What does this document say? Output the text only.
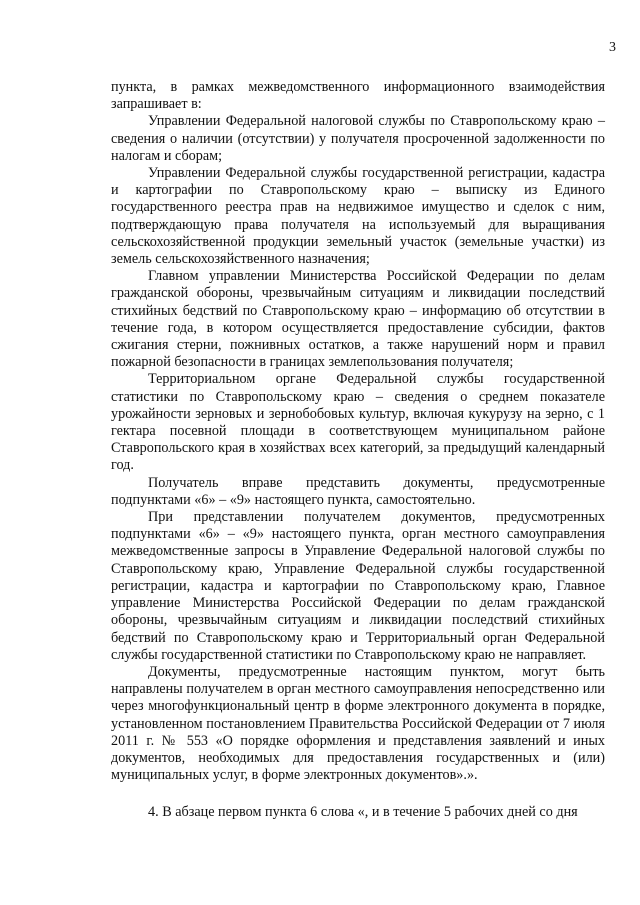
3

пункта, в рамках межведомственного информационного взаимодействия запрашивает в:

Управлении Федеральной налоговой службы по Ставропольскому краю – сведения о наличии (отсутствии) у получателя просроченной задолженности по налогам и сборам;

Управлении Федеральной службы государственной регистрации, кадастра и картографии по Ставропольскому краю – выписку из Единого государственного реестра прав на недвижимое имущество и сделок с ним, подтверждающую права получателя на используемый для выращивания сельскохозяйственной продукции земельный участок (земельные участки) из земель сельскохозяйственного назначения;

Главном управлении Министерства Российской Федерации по делам гражданской обороны, чрезвычайным ситуациям и ликвидации последствий стихийных бедствий по Ставропольскому краю – информацию об отсутствии в течение года, в котором осуществляется предоставление субсидии, фактов сжигания стерни, пожнивных остатков, а также нарушений норм и правил пожарной безопасности в границах землепользования получателя;

Территориальном органе Федеральной службы государственной статистики по Ставропольскому краю – сведения о среднем показателе урожайности зерновых и зернобобовых культур, включая кукурузу на зерно, с 1 гектара посевной площади в соответствующем муниципальном районе Ставропольского края в хозяйствах всех категорий, за предыдущий календарный год.

Получатель вправе представить документы, предусмотренные подпунктами «6» – «9» настоящего пункта, самостоятельно.

При представлении получателем документов, предусмотренных подпунктами «6» – «9» настоящего пункта, орган местного самоуправления межведомственные запросы в Управление Федеральной налоговой службы по Ставропольскому краю, Управление Федеральной службы государственной регистрации, кадастра и картографии по Ставропольскому краю, Главное управление Министерства Российской Федерации по делам гражданской обороны, чрезвычайным ситуациям и ликвидации последствий стихийных бедствий по Ставропольскому краю и Территориальный орган Федеральной службы государственной статистики по Ставропольскому краю не направляет.

Документы, предусмотренные настоящим пунктом, могут быть направлены получателем в орган местного самоуправления непосредственно или через многофункциональный центр в форме электронного документа в порядке, установленном постановлением Правительства Российской Федерации от 7 июля 2011 г. № 553 «О порядке оформления и представления заявлений и иных документов, необходимых для предоставления государственных и (или) муниципальных услуг, в форме электронных документов».».

4. В абзаце первом пункта 6 слова «, и в течение 5 рабочих дней со дня
